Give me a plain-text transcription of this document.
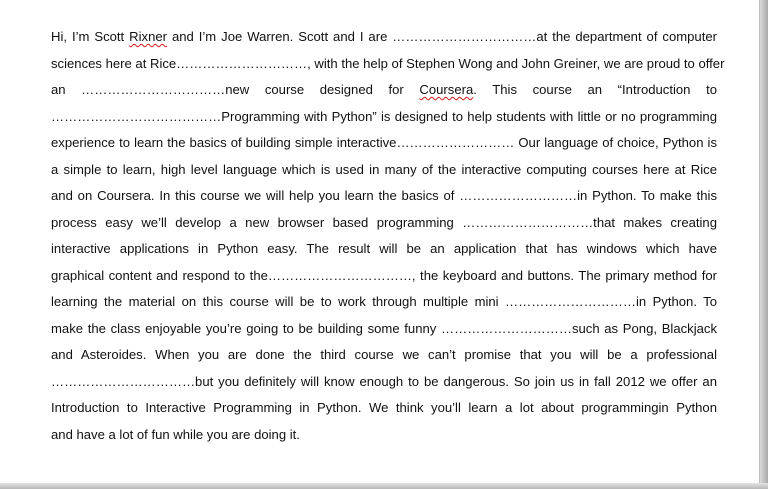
Hi, I’m Scott Rixner and I’m Joe Warren. Scott and I are ……………………………at the department of computer
sciences here at Rice…………………………, with the help of Stephen Wong and John Greiner, we are proud to offer
an ……………………………new course designed for Coursera. This course an “Introduction to
…………………………………Programming with Python” is designed to help students with little or no programming
experience to learn the basics of building simple interactive……………………… Our language of choice, Python is
a simple to learn, high level language which is used in many of the interactive computing courses here at Rice
and on Coursera. In this course we will help you learn the basics of ………………………in Python. To make this
process easy we’ll develop a new browser based programming …………………………that makes creating
interactive applications in Python easy. The result will be an application that has windows which have
graphical content and respond to the……………………………, the keyboard and buttons. The primary method for
learning the material on this course will be to work through multiple mini …………………………in Python. To
make the class enjoyable you’re going to be building some funny …………………………such as Pong, Blackjack
and Asteroides. When you are done the third course we can’t promise that you will be a professional
……………………………but you definitely will know enough to be dangerous. So join us in fall 2012 we offer an
Introduction to Interactive Programming in Python. We think you’ll learn a lot about programmingin Python
and have a lot of fun while you are doing it.
